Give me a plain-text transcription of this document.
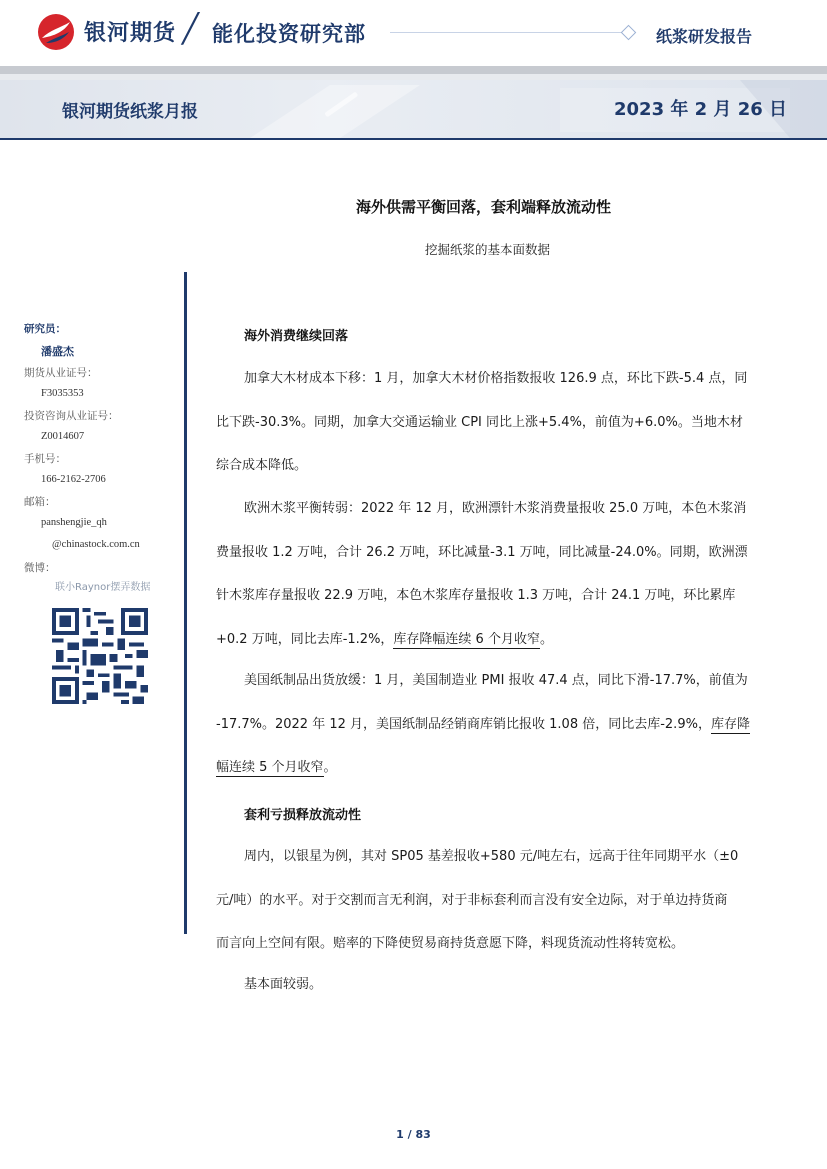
银河期货 ╱ 能化投资研究部	纸浆研发报告
银河期货纸浆月报	2023 年 2 月 26 日
海外供需平衡回落，套利端释放流动性
挖掘纸浆的基本面数据
研究员：
潘盛杰
期货从业证号：
F3035353
投资咨询从业证号：
Z0014607
手机号：
166-2162-2706
邮箱：
panshengjie_qh
@chinastock.com.cn
微博：
联小Raynor摆弄数据
海外消费继续回落
加拿大木材成本下移：1 月，加拿大木材价格指数报收 126.9 点，环比下跌-5.4 点，同
比下跌-30.3%。同期，加拿大交通运输业 CPI 同比上涨+5.4%，前值为+6.0%。当地木材
综合成本降低。
欧洲木浆平衡转弱：2022 年 12 月，欧洲漂针木浆消费量报收 25.0 万吨，本色木浆消
费量报收 1.2 万吨，合计 26.2 万吨，环比减量-3.1 万吨，同比减量-24.0%。同期，欧洲漂
针木浆库存量报收 22.9 万吨，本色木浆库存量报收 1.3 万吨，合计 24.1 万吨，环比累库
+0.2 万吨，同比去库-1.2%，库存降幅连续 6 个月收窄。
美国纸制品出货放缓：1 月，美国制造业 PMI 报收 47.4 点，同比下滑-17.7%，前值为
-17.7%。2022 年 12 月，美国纸制品经销商库销比报收 1.08 倍，同比去库-2.9%，库存降
幅连续 5 个月收窄。
套利亏损释放流动性
周内，以银星为例，其对 SP05 基差报收+580 元/吨左右，远高于往年同期平水（±0
元/吨）的水平。对于交割而言无利润，对于非标套利而言没有安全边际，对于单边持货商
而言向上空间有限。赔率的下降使贸易商持货意愿下降，料现货流动性将转宽松。
基本面较弱。
1 / 83
